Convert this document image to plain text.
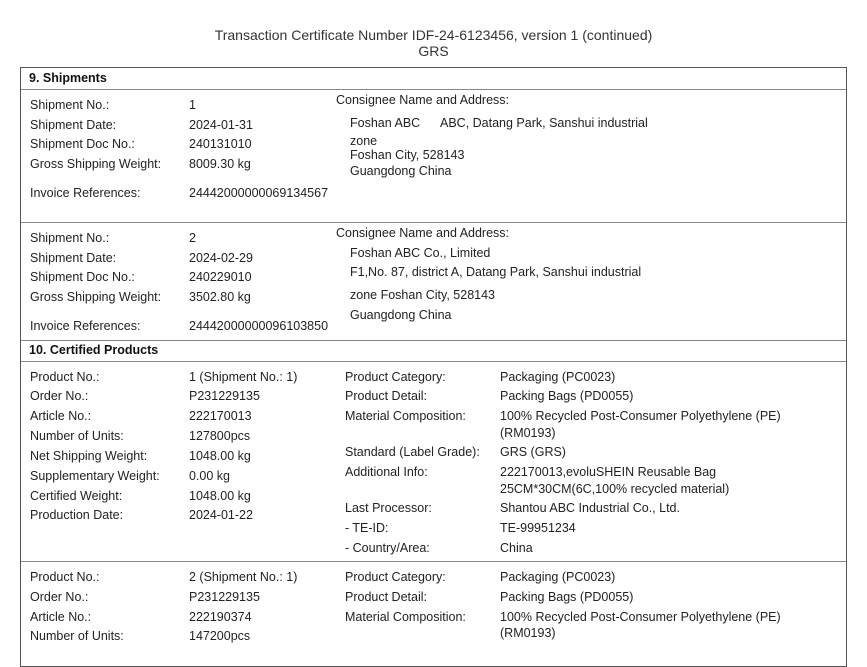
Transaction Certificate Number IDF-24-6123456, version 1 (continued)
GRS
9. Shipments
Shipment No.:	1
Shipment Date:	2024-01-31
Shipment Doc No.:	240131010
Gross Shipping Weight: 8009.30 kg
Invoice References:	24442000000069134567
Consignee Name and Address:
Foshan ABC ABC, Datang Park, Sanshui industrial
zone
Foshan City, 528143
Guangdong China
Shipment No.:	2
Shipment Date:	2024-02-29
Shipment Doc No.:	240229010
Gross Shipping Weight: 3502.80 kg
Invoice References:	24442000000096103850
Consignee Name and Address:
Foshan ABC Co., Limited
F1,No. 87, district A, Datang Park, Sanshui industrial
zone Foshan City, 528143
Guangdong China
10. Certified Products
Product No.:	1 (Shipment No.: 1)
Order No.:	P231229135
Article No.:	222170013
Number of Units:	127800pcs
Net Shipping Weight:	1048.00 kg
Supplementary Weight: 0.00 kg
Certified Weight:	1048.00 kg
Production Date:	2024-01-22
Product Category:	Packaging (PC0023)
Product Detail:	Packing Bags (PD0055)
Material Composition:	100% Recycled Post-Consumer Polyethylene (PE)
(RM0193)
Standard (Label Grade): GRS (GRS)
Additional Info:	222170013,evoluSHEIN Reusable Bag
25CM*30CM(6C,100% recycled material)
Last Processor:	Shantou ABC Industrial Co., Ltd.
- TE-ID:	TE-99951234
- Country/Area:	China
Product No.:	2 (Shipment No.: 1)
Order No.:	P231229135
Article No.:	222190374
Number of Units:	147200pcs
Product Category:	Packaging (PC0023)
Product Detail:	Packing Bags (PD0055)
Material Composition:	100% Recycled Post-Consumer Polyethylene (PE)
(RM0193)
